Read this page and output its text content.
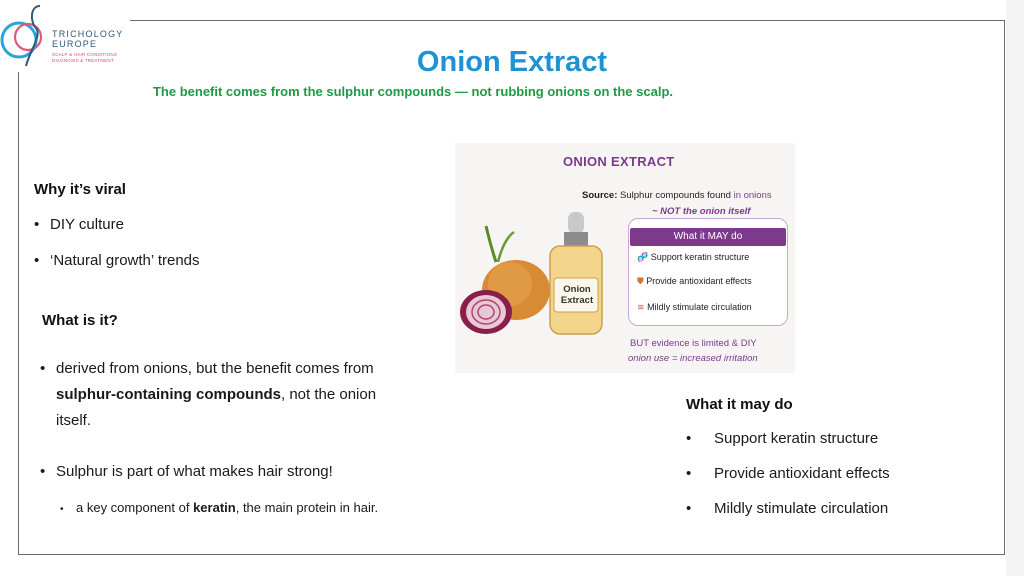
TRICHOLOGY
EUROPE
SCALP & HAIR CONDITIONS
DIAGNOSIS & TREATMENT	Onion Extract
The benefit comes from the sulphur compounds — not rubbing onions on the scalp.
Why it’s viral
• DIY culture
• ‘Natural growth’ trends
What is it?
• derived from onions, but the benefit comes from
sulphur-containing compounds, not the onion
itself.
• Sulphur is part of what makes hair strong!
• a key component of keratin, the main protein in hair.
What it may do
• Support keratin structure
• Provide antioxidant effects
• Mildly stimulate circulation
ONION EXTRACT
Source: Sulphur compounds found in onions
~ NOT the onion itself
Onion
Extract
What it MAY do
🧬 Support keratin structure
⛊ Provide antioxidant effects
≋ Mildly stimulate circulation
BUT evidence is limited & DIY
onion use = increased irritation
